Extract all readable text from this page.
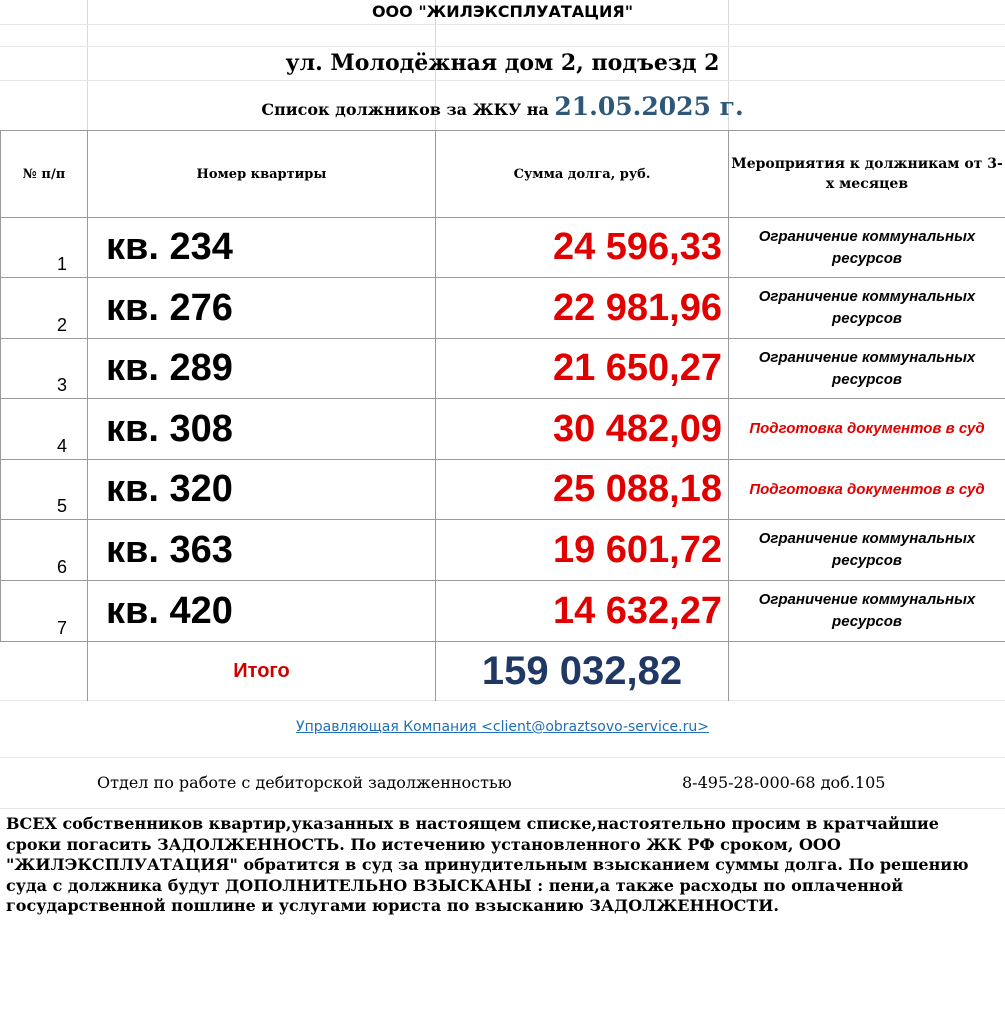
ООО "ЖИЛЭКСПЛУАТАЦИЯ"
ул. Молодёжная дом 2, подъезд 2
Список должников за ЖКУ на 21.05.2025 г.
№ п/п	Номер квартиры	Сумма долга, руб.	Мероприятия к должникам от 3-х месяцев
1	кв. 234	24 596,33	Ограничение коммунальных ресурсов
2	кв. 276	22 981,96	Ограничение коммунальных ресурсов
3	кв. 289	21 650,27	Ограничение коммунальных ресурсов
4	кв. 308	30 482,09	Подготовка документов в суд
5	кв. 320	25 088,18	Подготовка документов в суд
6	кв. 363	19 601,72	Ограничение коммунальных ресурсов
7	кв. 420	14 632,27	Ограничение коммунальных ресурсов
	Итого	159 032,82	
Управляющая Компания <client@obraztsovo-service.ru>
Отдел по работе с дебиторской задолженностью	8-495-28-000-68 доб.105
ВСЕХ собственников квартир,указанных в настоящем списке,настоятельно просим в кратчайшие сроки погасить ЗАДОЛЖЕННОСТЬ. По истечению установленного ЖК РФ сроком, ООО "ЖИЛЭКСПЛУАТАЦИЯ" обратится в суд за принудительным взысканием суммы долга. По решению суда с должника будут ДОПОЛНИТЕЛЬНО ВЗЫСКАНЫ : пени,а также расходы по оплаченной государственной пошлине и услугами юриста по взысканию ЗАДОЛЖЕННОСТИ.
